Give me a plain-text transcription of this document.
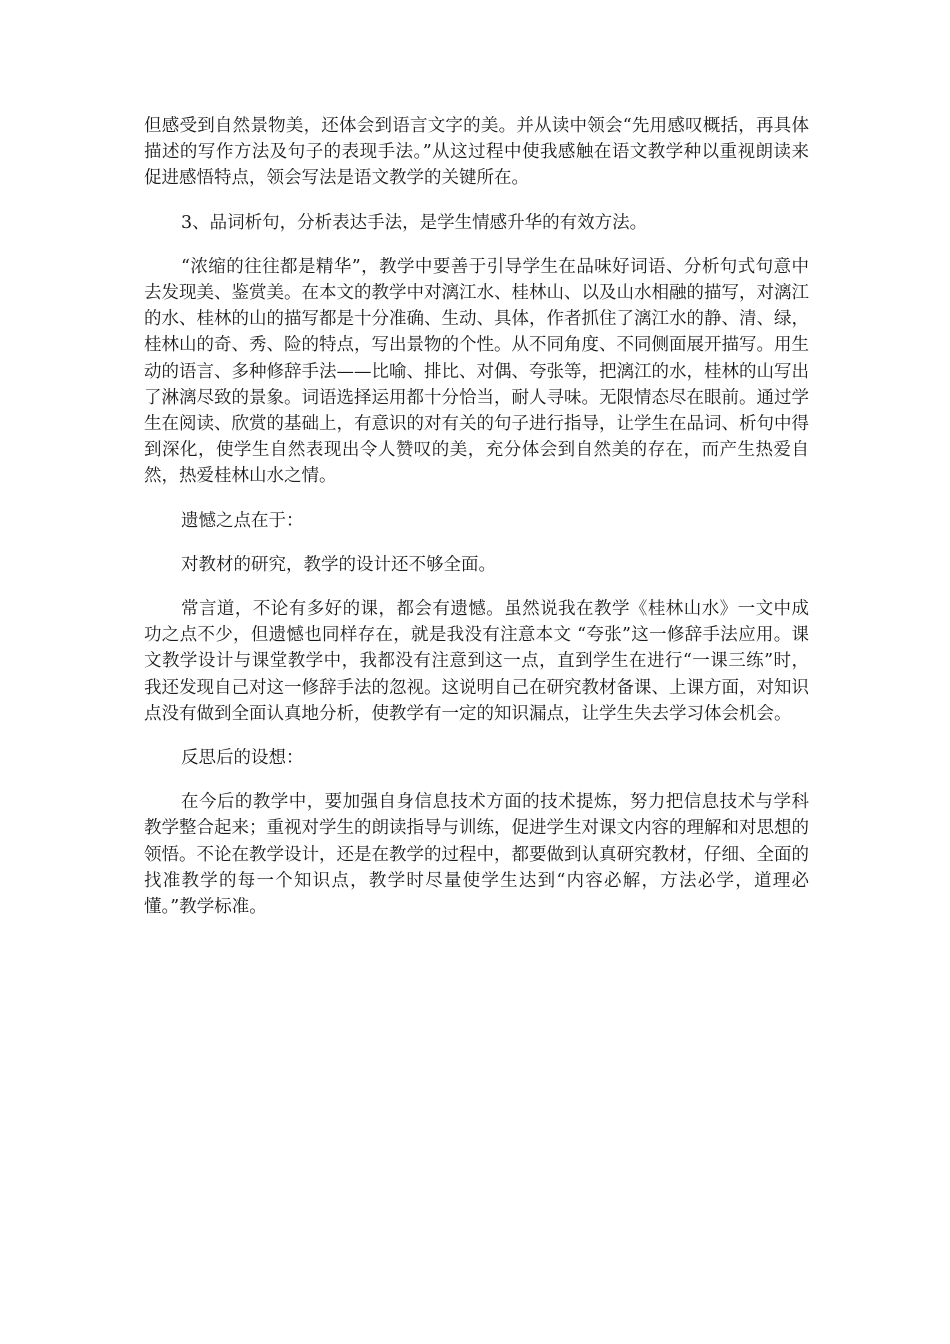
但感受到自然景物美，还体会到语言文字的美。并从读中领会“先用感叹概括，再具体描述的写作方法及句子的表现手法。”从这过程中使我感触在语文教学种以重视朗读来促进感悟特点，领会写法是语文教学的关键所在。

3、品词析句，分析表达手法，是学生情感升华的有效方法。

“浓缩的往往都是精华”，教学中要善于引导学生在品味好词语、分析句式句意中去发现美、鉴赏美。在本文的教学中对漓江水、桂林山、以及山水相融的描写，对漓江的水、桂林的山的描写都是十分准确、生动、具体，作者抓住了漓江水的静、清、绿，桂林山的奇、秀、险的特点，写出景物的个性。从不同角度、不同侧面展开描写。用生动的语言、多种修辞手法——比喻、排比、对偶、夸张等，把漓江的水，桂林的山写出了淋漓尽致的景象。词语选择运用都十分恰当，耐人寻味。无限情态尽在眼前。通过学生在阅读、欣赏的基础上，有意识的对有关的句子进行指导，让学生在品词、析句中得到深化，使学生自然表现出令人赞叹的美，充分体会到自然美的存在，而产生热爱自然，热爱桂林山水之情。

遗憾之点在于：

对教材的研究，教学的设计还不够全面。

常言道，不论有多好的课，都会有遗憾。虽然说我在教学《桂林山水》一文中成功之点不少，但遗憾也同样存在，就是我没有注意本文 “夸张”这一修辞手法应用。课文教学设计与课堂教学中，我都没有注意到这一点，直到学生在进行“一课三练”时，我还发现自己对这一修辞手法的忽视。这说明自己在研究教材备课、上课方面，对知识点没有做到全面认真地分析，使教学有一定的知识漏点，让学生失去学习体会机会。

反思后的设想：

在今后的教学中，要加强自身信息技术方面的技术提炼，努力把信息技术与学科教学整合起来；重视对学生的朗读指导与训练，促进学生对课文内容的理解和对思想的领悟。不论在教学设计，还是在教学的过程中，都要做到认真研究教材，仔细、全面的找准教学的每一个知识点，教学时尽量使学生达到“内容必解，方法必学，道理必懂。”教学标准。
